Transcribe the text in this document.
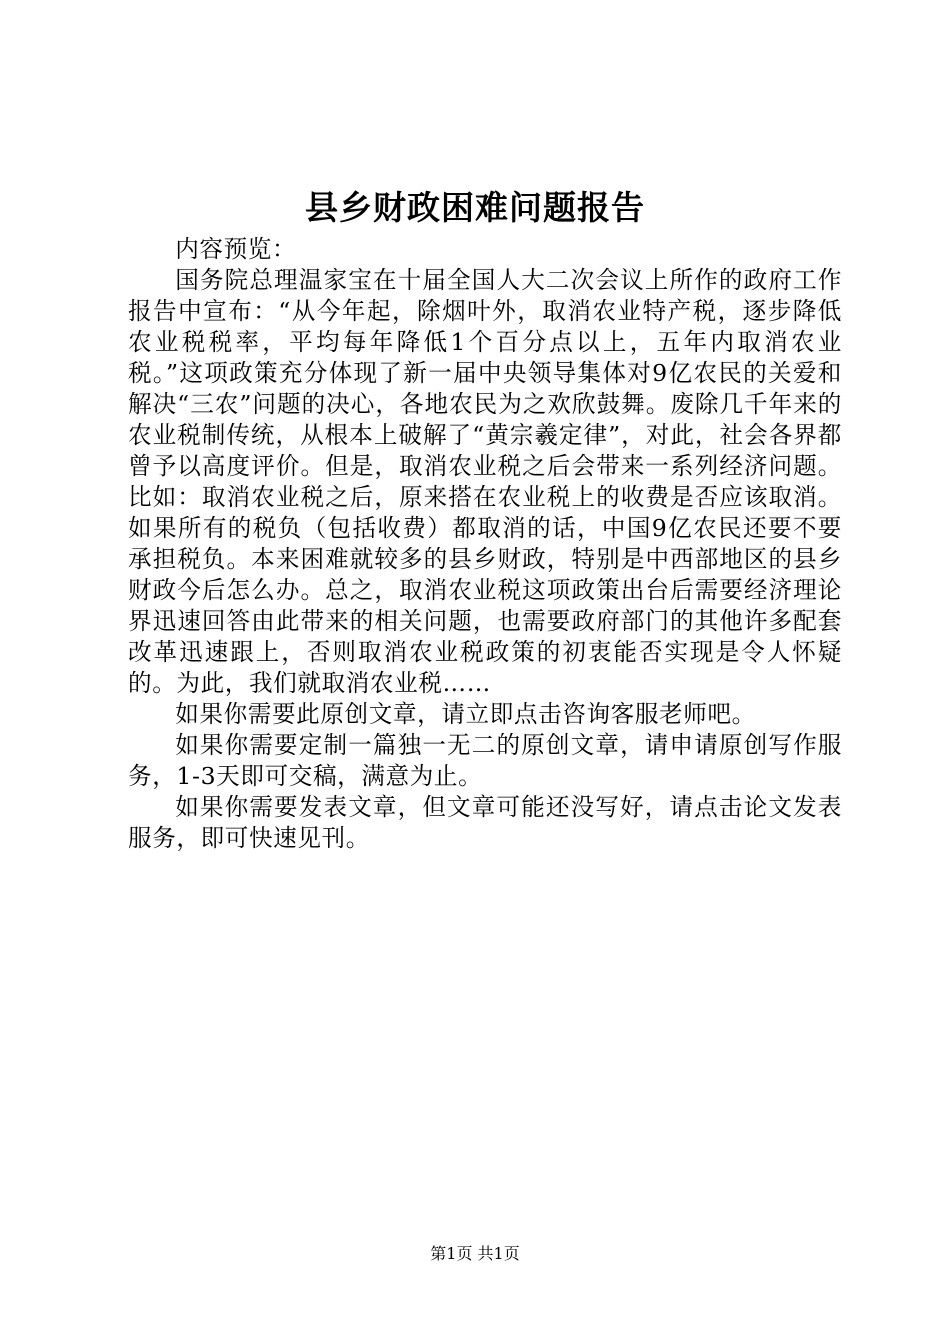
县乡财政困难问题报告

内容预览：

国务院总理温家宝在十届全国人大二次会议上所作的政府工作报告中宣布：“从今年起，除烟叶外，取消农业特产税，逐步降低农业税税率，平均每年降低1个百分点以上，五年内取消农业税。”这项政策充分体现了新一届中央领导集体对9亿农民的关爱和解决“三农”问题的决心，各地农民为之欢欣鼓舞。废除几千年来的农业税制传统，从根本上破解了“黄宗羲定律”，对此，社会各界都曾予以高度评价。但是，取消农业税之后会带来一系列经济问题。比如：取消农业税之后，原来搭在农业税上的收费是否应该取消。如果所有的税负（包括收费）都取消的话，中国9亿农民还要不要承担税负。本来困难就较多的县乡财政，特别是中西部地区的县乡财政今后怎么办。总之，取消农业税这项政策出台后需要经济理论界迅速回答由此带来的相关问题，也需要政府部门的其他许多配套改革迅速跟上，否则取消农业税政策的初衷能否实现是令人怀疑的。为此，我们就取消农业税……

如果你需要此原创文章，请立即点击咨询客服老师吧。

如果你需要定制一篇独一无二的原创文章，请申请原创写作服务，1-3天即可交稿，满意为止。

如果你需要发表文章，但文章可能还没写好，请点击论文发表服务，即可快速见刊。

第1页 共1页
